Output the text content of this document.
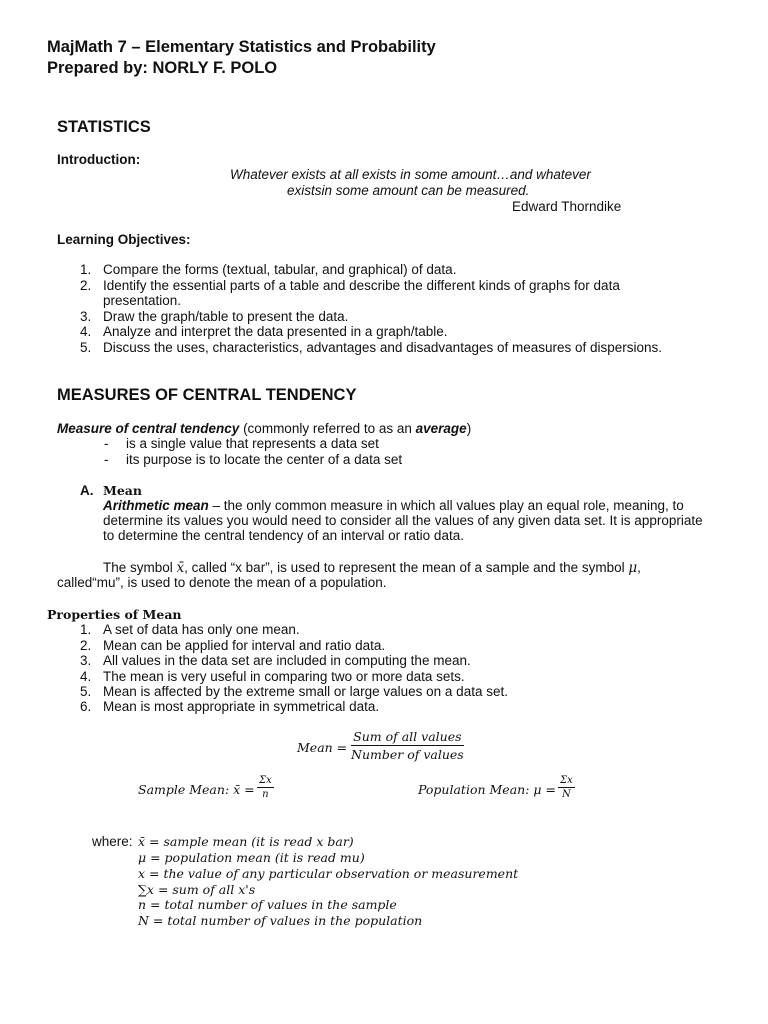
MajMath 7 – Elementary Statistics and Probability
Prepared by: NORLY F. POLO
STATISTICS
Introduction:
Whatever exists at all exists in some amount…and whatever
existsin some amount can be measured.
Edward Thorndike
Learning Objectives:
1. Compare the forms (textual, tabular, and graphical) of data.
2. Identify the essential parts of a table and describe the different kinds of graphs for data
presentation.
3. Draw the graph/table to present the data.
4. Analyze and interpret the data presented in a graph/table.
5. Discuss the uses, characteristics, advantages and disadvantages of measures of dispersions.
MEASURES OF CENTRAL TENDENCY
Measure of central tendency (commonly referred to as an average)
- is a single value that represents a data set
- its purpose is to locate the center of a data set
A. Mean
Arithmetic mean – the only common measure in which all values play an equal role, meaning, to
determine its values you would need to consider all the values of any given data set. It is appropriate
to determine the central tendency of an interval or ratio data.
The symbol x̄, called “x bar”, is used to represent the mean of a sample and the symbol μ,
called“mu”, is used to denote the mean of a population.
Properties of Mean
1. A set of data has only one mean.
2. Mean can be applied for interval and ratio data.
3. All values in the data set are included in computing the mean.
4. The mean is very useful in comparing two or more data sets.
5. Mean is affected by the extreme small or large values on a data set.
6. Mean is most appropriate in symmetrical data.
Mean =
Sum of all values
Number of values
Sample Mean: x̄ = $\frac{\Sigma x}{n}$	Population Mean: $\mu = \frac{\Sigma x}{N}$
where: x̄ = sample mean (it is read x bar)
μ = population mean (it is read mu)
x = the value of any particular observation or measurement
∑x = sum of all x's
n = total number of values in the sample
N = total number of values in the population
